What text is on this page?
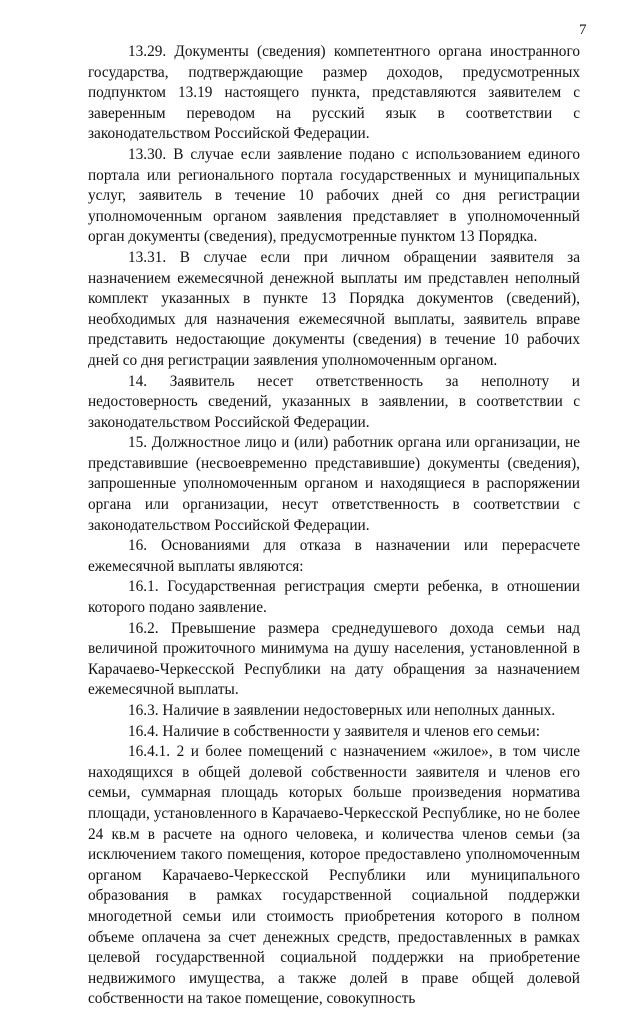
7

13.29. Документы (сведения) компетентного органа иностранного государства, подтверждающие размер доходов, предусмотренных подпунктом 13.19 настоящего пункта, представляются заявителем с заверенным переводом на русский язык в соответствии с законодательством Российской Федерации.

13.30. В случае если заявление подано с использованием единого портала или регионального портала государственных и муниципальных услуг, заявитель в течение 10 рабочих дней со дня регистрации уполномоченным органом заявления представляет в уполномоченный орган документы (сведения), предусмотренные пунктом 13 Порядка.

13.31. В случае если при личном обращении заявителя за назначением ежемесячной денежной выплаты им представлен неполный комплект указанных в пункте 13 Порядка документов (сведений), необходимых для назначения ежемесячной выплаты, заявитель вправе представить недостающие документы (сведения) в течение 10 рабочих дней со дня регистрации заявления уполномоченным органом.

14. Заявитель несет ответственность за неполноту и недостоверность сведений, указанных в заявлении, в соответствии с законодательством Российской Федерации.

15. Должностное лицо и (или) работник органа или организации, не представившие (несвоевременно представившие) документы (сведения), запрошенные уполномоченным органом и находящиеся в распоряжении органа или организации, несут ответственность в соответствии с законодательством Российской Федерации.

16. Основаниями для отказа в назначении или перерасчете ежемесячной выплаты являются:

16.1. Государственная регистрация смерти ребенка, в отношении которого подано заявление.

16.2. Превышение размера среднедушевого дохода семьи над величиной прожиточного минимума на душу населения, установленной в Карачаево-Черкесской Республики на дату обращения за назначением ежемесячной выплаты.

16.3. Наличие в заявлении недостоверных или неполных данных.

16.4. Наличие в собственности у заявителя и членов его семьи:

16.4.1. 2 и более помещений с назначением «жилое», в том числе находящихся в общей долевой собственности заявителя и членов его семьи, суммарная площадь которых больше произведения норматива площади, установленного в Карачаево-Черкесской Республике, но не более 24 кв.м в расчете на одного человека, и количества членов семьи (за исключением такого помещения, которое предоставлено уполномоченным органом Карачаево-Черкесской Республики или муниципального образования в рамках государственной социальной поддержки многодетной семьи или стоимость приобретения которого в полном объеме оплачена за счет денежных средств, предоставленных в рамках целевой государственной социальной поддержки на приобретение недвижимого имущества, а также долей в праве общей долевой собственности на такое помещение, совокупность
